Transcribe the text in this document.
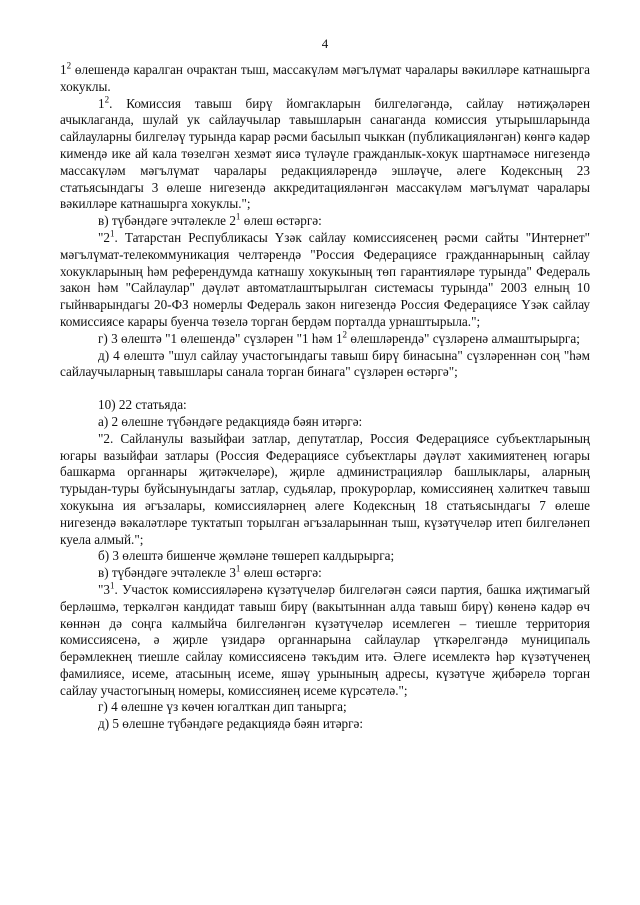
4

$1^2$ өлешендә каралган очрактан тыш, массакүләм мәгълүмат чаралары вәкилләре катнашырга хокуклы.

$1^2$. Комиссия тавыш бирү йомгакларын билгеләгәндә, сайлау нәтиҗәләрен ачыклаганда, шулай ук сайлаучылар тавышларын санаганда комиссия утырышларында сайлауларны билгеләү турында карар рәсми басылып чыккан (публикацияләнгән) көнгә кадәр кимендә ике ай кала төзелгән хезмәт яисә түләүле гражданлык-хокук шартнамәсе нигезендә массакүләм мәгълүмат чаралары редакцияләрендә эшләүче, әлеге Кодексның 23 статьясындагы 3 өлеше нигезендә аккредитацияләнгән массакүләм мәгълүмат чаралары вәкилләре катнашырга хокуклы.";

в) түбәндәге эчтәлекле $2^1$ өлеш өстәргә:

"$2^1$. Татарстан Республикасы Үзәк сайлау комиссиясенең рәсми сайты "Интернет" мәгълүмат-телекоммуникация челтәрендә "Россия Федерациясе гражданнарының сайлау хокукларының һәм референдумда катнашу хокукының төп гарантияләре турында" Федераль закон һәм "Сайлаулар" дәүләт автоматлаштырылган системасы турында" 2003 елның 10 гыйнварындагы 20-ФЗ номерлы Федераль закон нигезендә Россия Федерациясе Үзәк сайлау комиссиясе карары буенча төзелә торган бердәм порталда урнаштырыла.";

г) 3 өлештә "1 өлешендә" сүзләрен "1 һәм $1^2$ өлешләрендә" сүзләренә алмаштырырга;

д) 4 өлештә "шул сайлау участогындагы тавыш бирү бинасына" сүзләреннән соң "һәм сайлаучыларның тавышлары санала торган бинага" сүзләрен өстәргә";

10) 22 статьяда:

а) 2 өлешне түбәндәге редакциядә бәян итәргә:

"2. Сайланулы вазыйфаи затлар, депутатлар, Россия Федерациясе субъектларының югары вазыйфаи затлары (Россия Федерациясе субъектлары дәүләт хакимиятенең югары башкарма органнары җитәкчеләре), җирле администрацияләр башлыклары, аларның турыдан-туры буйсынуындагы затлар, судьялар, прокурорлар, комиссиянең хәлиткеч тавыш хокукына ия әгъзалары, комиссияләрнең әлеге Кодексның 18 статьясындагы 7 өлеше нигезендә вәкаләтләре туктатып торылган әгъзаларыннан тыш, күзәтүчеләр итеп билгеләнеп куела алмый.";

б) 3 өлештә бишенче җөмләне төшереп калдырырга;

в) түбәндәге эчтәлекле $3^1$ өлеш өстәргә:

"$3^1$. Участок комиссияләренә күзәтүчеләр билгеләгән сәяси партия, башка иҗтимагый берләшмә, теркәлгән кандидат тавыш бирү (вакытыннан алда тавыш бирү) көненә кадәр өч көннән дә соңга калмыйча билгеләнгән күзәтүчеләр исемлеген – тиешле территория комиссиясенә, ә җирле үзидарә органнарына сайлаулар үткәрелгәндә муниципаль берәмлекнең тиешле сайлау комиссиясенә тәкъдим итә. Әлеге исемлектә һәр күзәтүченең фамилиясе, исеме, атасының исеме, яшәү урынының адресы, күзәтүче җибәрелә торган сайлау участогының номеры, комиссиянең исеме күрсәтелә.";

г) 4 өлешне үз көчен югалткан дип танырга;

д) 5 өлешне түбәндәге редакциядә бәян итәргә:
